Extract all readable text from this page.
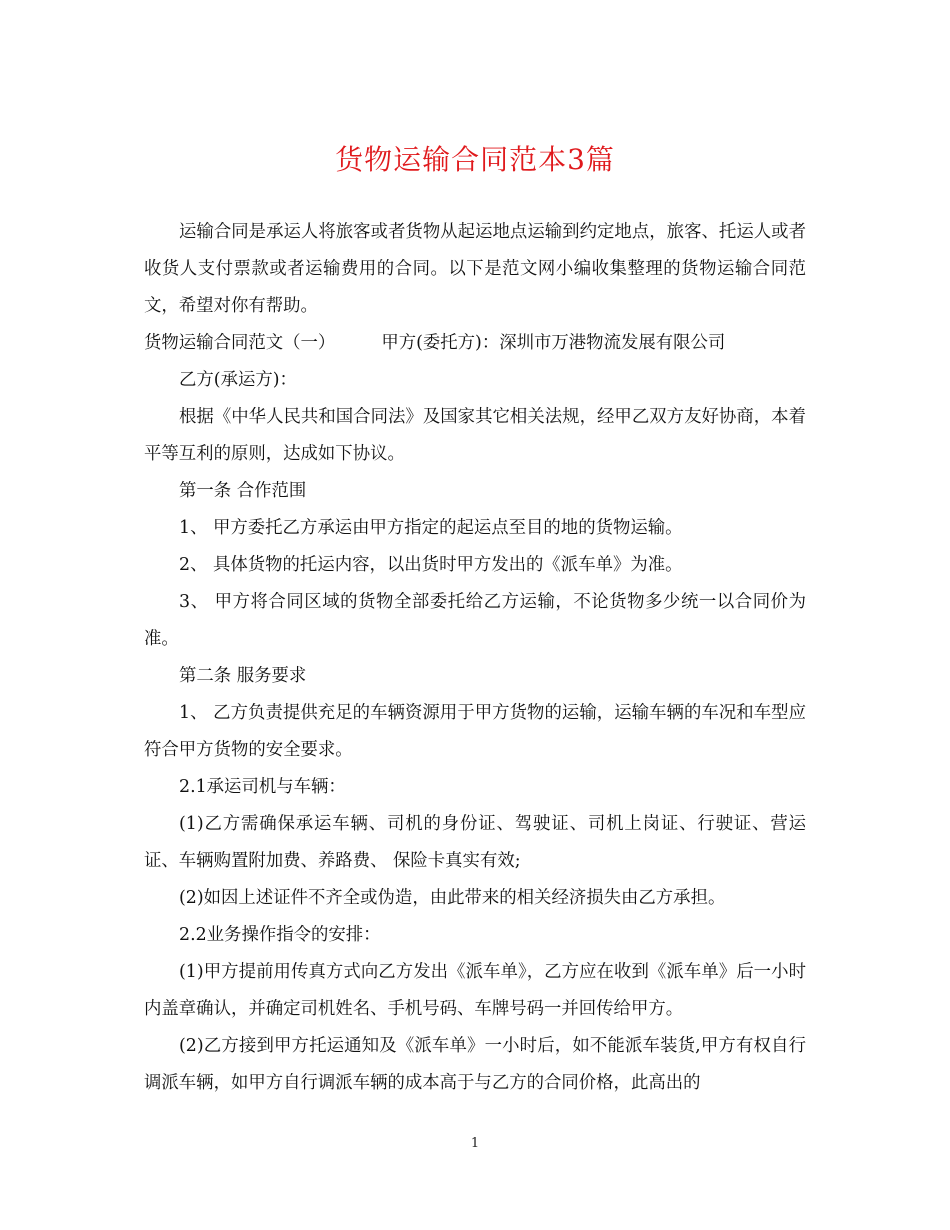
货物运输合同范本3篇

运输合同是承运人将旅客或者货物从起运地点运输到约定地点，旅客、托运人或者收货人支付票款或者运输费用的合同。以下是范文网小编收集整理的货物运输合同范文，希望对你有帮助。

货物运输合同范文（一）	甲方(委托方)：深圳市万港物流发展有限公司

乙方(承运方)：

根据《中华人民共和国合同法》及国家其它相关法规，经甲乙双方友好协商，本着平等互利的原则，达成如下协议。

第一条 合作范围

1、 甲方委托乙方承运由甲方指定的起运点至目的地的货物运输。

2、 具体货物的托运内容，以出货时甲方发出的《派车单》为准。

3、 甲方将合同区域的货物全部委托给乙方运输，不论货物多少统一以合同价为准。

第二条 服务要求

1、 乙方负责提供充足的车辆资源用于甲方货物的运输，运输车辆的车况和车型应符合甲方货物的安全要求。

2.1承运司机与车辆：

(1)乙方需确保承运车辆、司机的身份证、驾驶证、司机上岗证、行驶证、营运证、车辆购置附加费、养路费、 保险卡真实有效;

(2)如因上述证件不齐全或伪造，由此带来的相关经济损失由乙方承担。

2.2业务操作指令的安排：

(1)甲方提前用传真方式向乙方发出《派车单》，乙方应在收到《派车单》后一小时内盖章确认，并确定司机姓名、手机号码、车牌号码一并回传给甲方。

(2)乙方接到甲方托运通知及《派车单》一小时后，如不能派车装货,甲方有权自行调派车辆，如甲方自行调派车辆的成本高于与乙方的合同价格，此高出的

1
